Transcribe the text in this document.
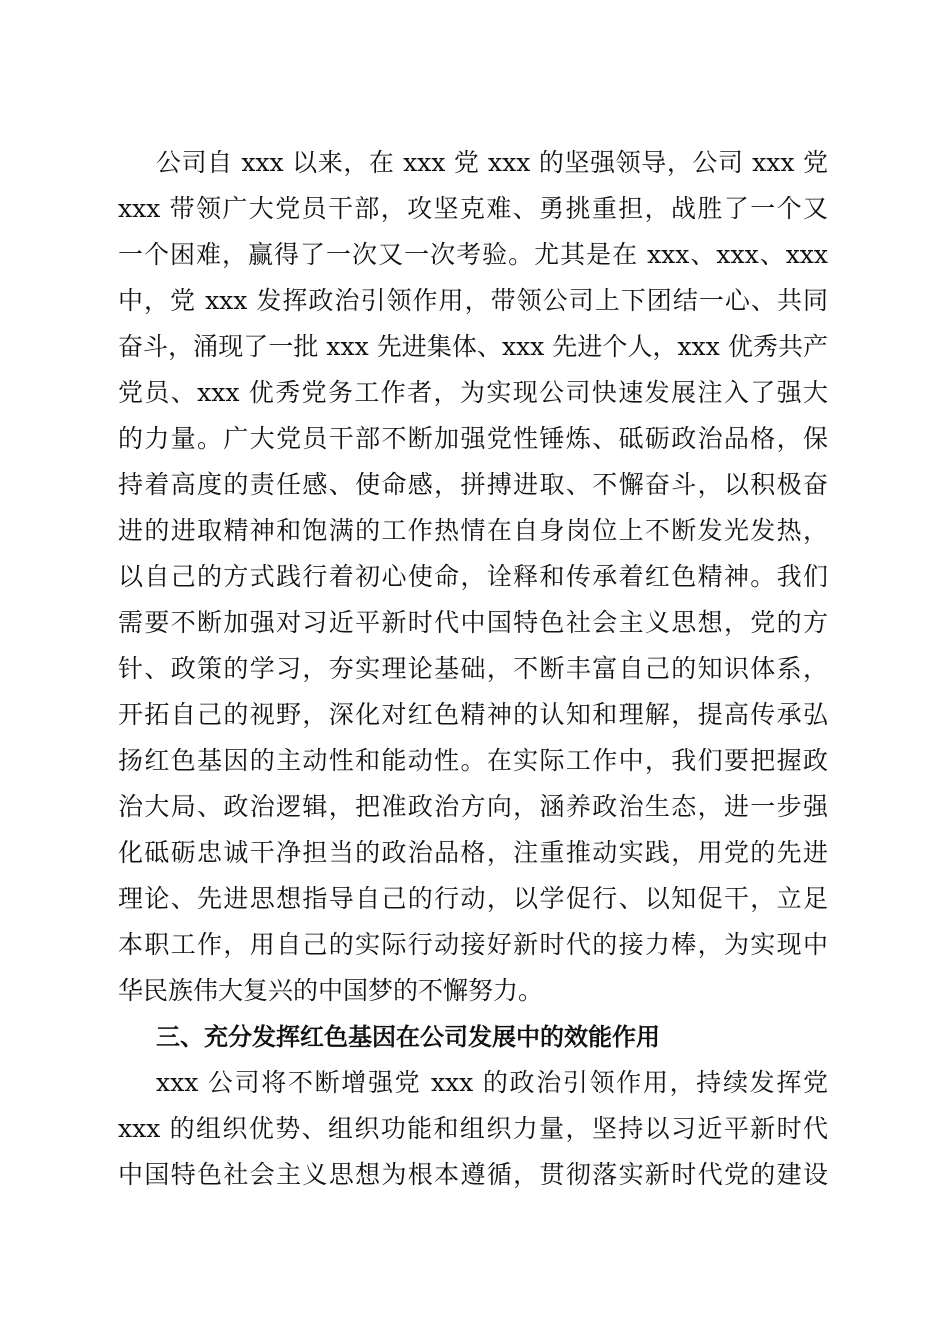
公司自 xxx 以来，在 xxx 党 xxx 的坚强领导，公司 xxx 党
xxx 带领广大党员干部，攻坚克难、勇挑重担，战胜了一个又
一个困难，赢得了一次又一次考验。尤其是在 xxx、xxx、xxx
中，党 xxx 发挥政治引领作用，带领公司上下团结一心、共同
奋斗，涌现了一批 xxx 先进集体、xxx 先进个人，xxx 优秀共产
党员、xxx 优秀党务工作者，为实现公司快速发展注入了强大
的力量。广大党员干部不断加强党性锤炼、砥砺政治品格，保
持着高度的责任感、使命感，拼搏进取、不懈奋斗，以积极奋
进的进取精神和饱满的工作热情在自身岗位上不断发光发热，
以自己的方式践行着初心使命，诠释和传承着红色精神。我们
需要不断加强对习近平新时代中国特色社会主义思想，党的方
针、政策的学习，夯实理论基础，不断丰富自己的知识体系，
开拓自己的视野，深化对红色精神的认知和理解，提高传承弘
扬红色基因的主动性和能动性。在实际工作中，我们要把握政
治大局、政治逻辑，把准政治方向，涵养政治生态，进一步强
化砥砺忠诚干净担当的政治品格，注重推动实践，用党的先进
理论、先进思想指导自己的行动，以学促行、以知促干，立足
本职工作，用自己的实际行动接好新时代的接力棒，为实现中
华民族伟大复兴的中国梦的不懈努力。
三、充分发挥红色基因在公司发展中的效能作用
xxx 公司将不断增强党 xxx 的政治引领作用，持续发挥党
xxx 的组织优势、组织功能和组织力量，坚持以习近平新时代
中国特色社会主义思想为根本遵循，贯彻落实新时代党的建设
